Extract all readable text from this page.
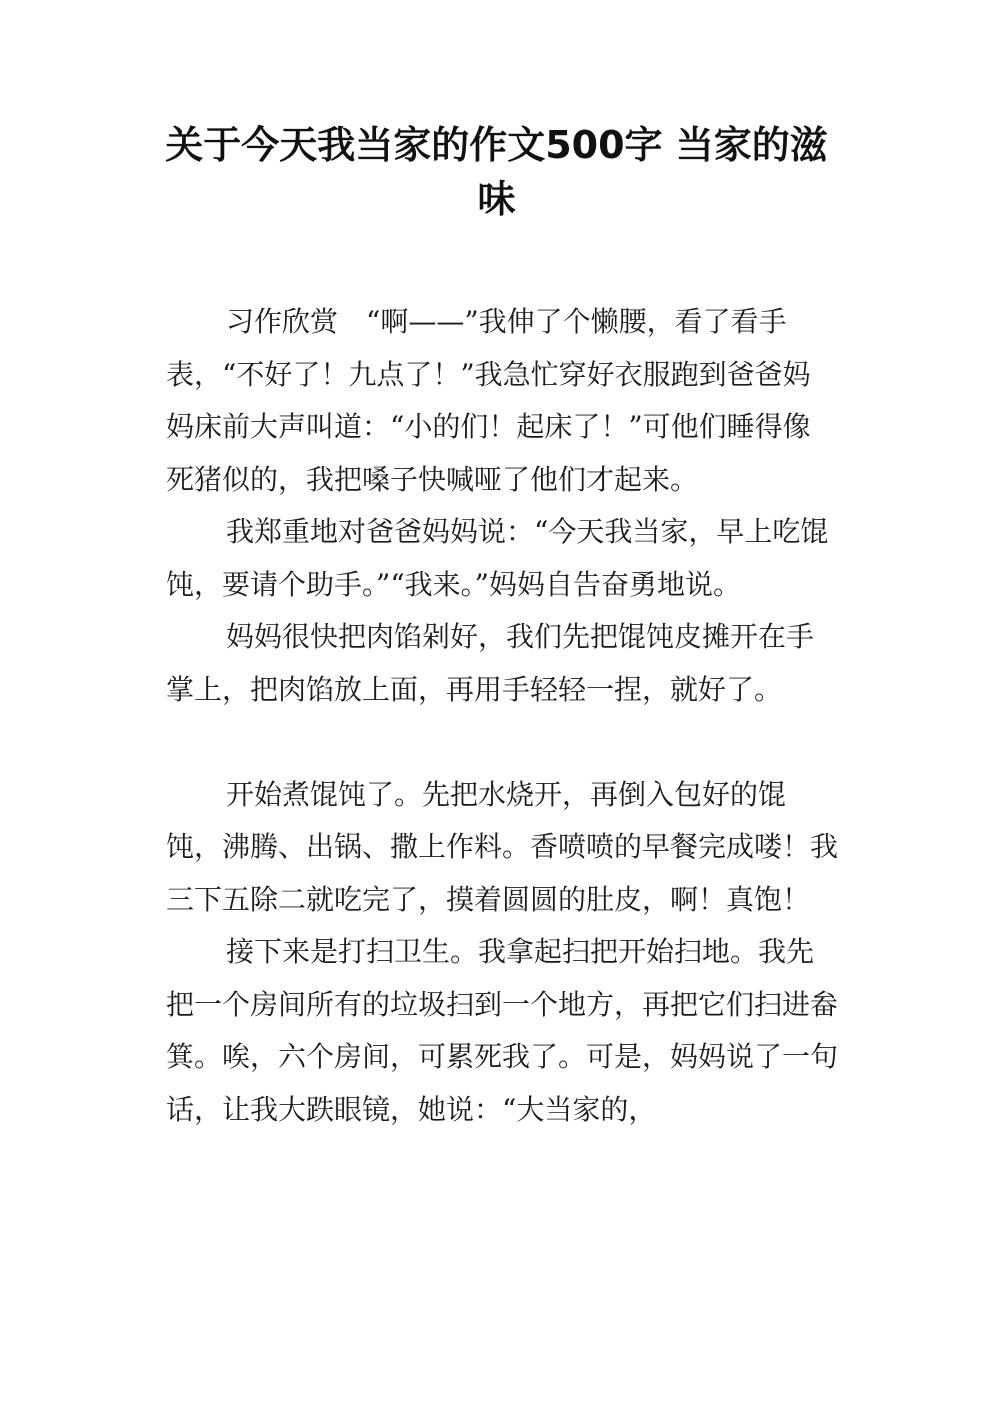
关于今天我当家的作文500字 当家的滋味

习作欣赏　“啊——”我伸了个懒腰，看了看手表，“不好了！九点了！”我急忙穿好衣服跑到爸爸妈妈床前大声叫道：“小的们！起床了！”可他们睡得像死猪似的，我把嗓子快喊哑了他们才起来。

我郑重地对爸爸妈妈说：“今天我当家，早上吃馄饨，要请个助手。”“我来。”妈妈自告奋勇地说。

妈妈很快把肉馅剁好，我们先把馄饨皮摊开在手掌上，把肉馅放上面，再用手轻轻一捏，就好了。

开始煮馄饨了。先把水烧开，再倒入包好的馄饨，沸腾、出锅、撒上作料。香喷喷的早餐完成喽！我三下五除二就吃完了，摸着圆圆的肚皮，啊！真饱！

接下来是打扫卫生。我拿起扫把开始扫地。我先把一个房间所有的垃圾扫到一个地方，再把它们扫进畚箕。唉，六个房间，可累死我了。可是，妈妈说了一句话，让我大跌眼镜，她说：“大当家的，
